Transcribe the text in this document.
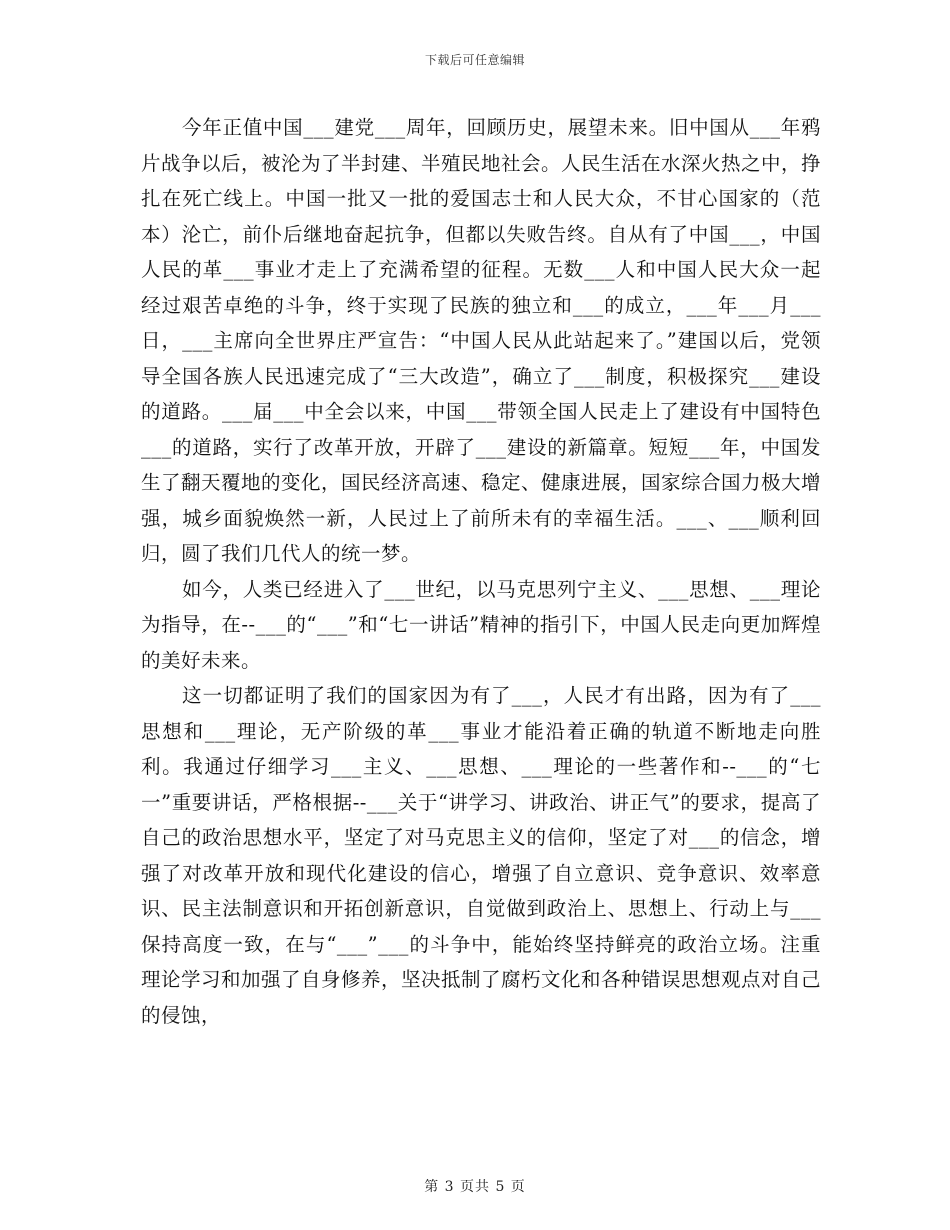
下载后可任意编辑

今年正值中国___建党___周年，回顾历史，展望未来。旧中国从___年鸦片战争以后，被沦为了半封建、半殖民地社会。人民生活在水深火热之中，挣扎在死亡线上。中国一批又一批的爱国志士和人民大众，不甘心国家的（范本）沦亡，前仆后继地奋起抗争，但都以失败告终。自从有了中国___，中国人民的革___事业才走上了充满希望的征程。无数___人和中国人民大众一起经过艰苦卓绝的斗争，终于实现了民族的独立和___的成立，___年___月___日，___主席向全世界庄严宣告：“中国人民从此站起来了。”建国以后，党领导全国各族人民迅速完成了“三大改造”，确立了___制度，积极探究___建设的道路。___届___中全会以来，中国___带领全国人民走上了建设有中国特色___的道路，实行了改革开放，开辟了___建设的新篇章。短短___年，中国发生了翻天覆地的变化，国民经济高速、稳定、健康进展，国家综合国力极大增强，城乡面貌焕然一新，人民过上了前所未有的幸福生活。___、___顺利回归，圆了我们几代人的统一梦。

如今，人类已经进入了___世纪，以马克思列宁主义、___思想、___理论为指导，在--___的“___”和“七一讲话”精神的指引下，中国人民走向更加辉煌的美好未来。

这一切都证明了我们的国家因为有了___，人民才有出路，因为有了___思想和___理论，无产阶级的革___事业才能沿着正确的轨道不断地走向胜利。我通过仔细学习___主义、___思想、___理论的一些著作和--___的“七一”重要讲话，严格根据--___关于“讲学习、讲政治、讲正气”的要求，提高了自己的政治思想水平，坚定了对马克思主义的信仰，坚定了对___的信念，增强了对改革开放和现代化建设的信心，增强了自立意识、竞争意识、效率意识、民主法制意识和开拓创新意识，自觉做到政治上、思想上、行动上与___保持高度一致，在与“___”___的斗争中，能始终坚持鲜亮的政治立场。注重理论学习和加强了自身修养，坚决抵制了腐朽文化和各种错误思想观点对自己的侵蚀，

第 3 页共 5 页
